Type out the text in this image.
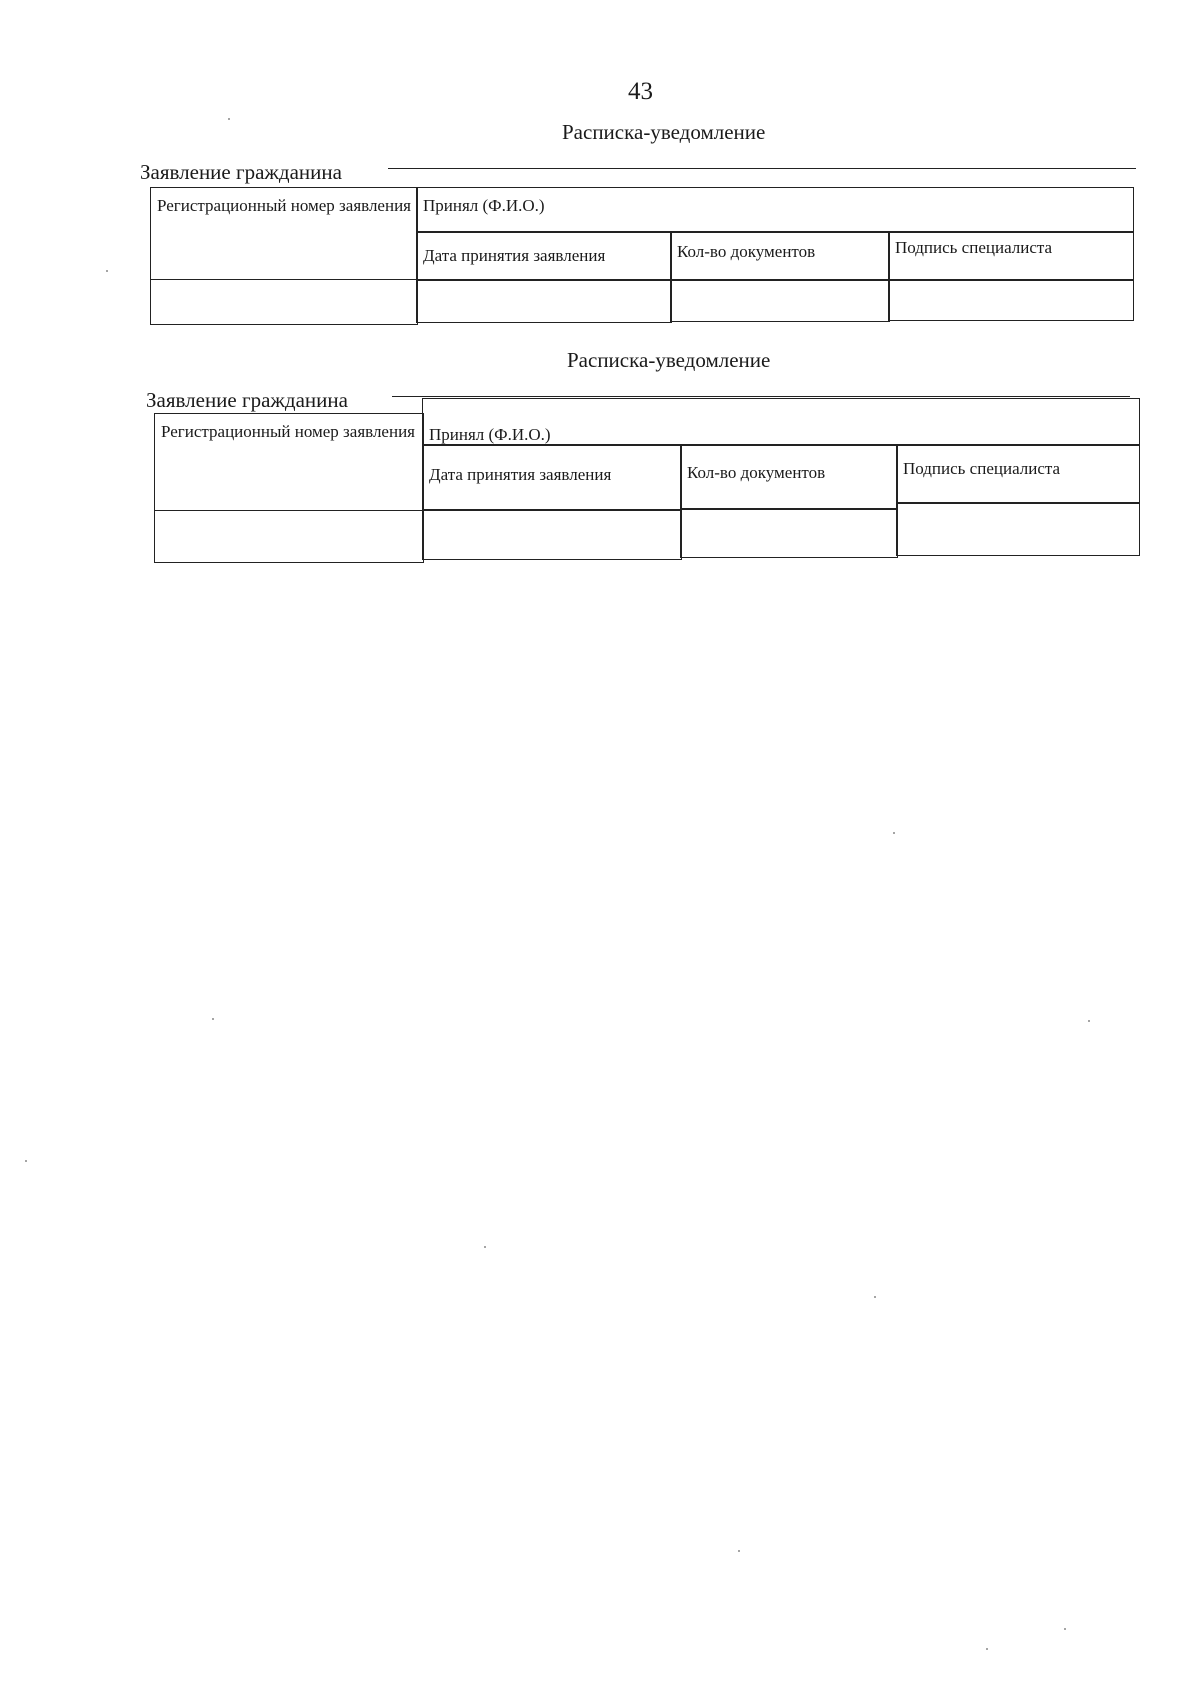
43
Расписка-уведомление
Заявление гражданина
Регистрационный номер заявления Принял (Ф.И.О.)
Дата принятия заявления	Кол-во документов	Подпись специалиста
Расписка-уведомление
Заявление гражданина
Регистрационный номер заявления Принял (Ф.И.О.)
Дата принятия заявления	Кол-во документов	Подпись специалиста
